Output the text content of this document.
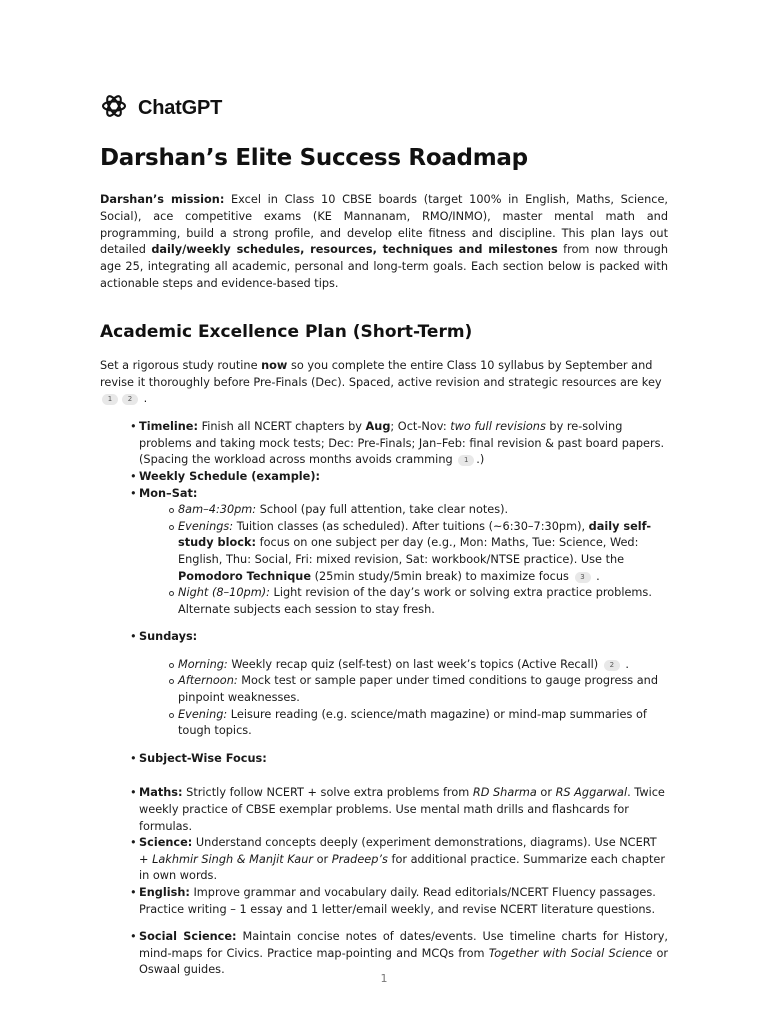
ChatGPT
Darshan’s Elite Success Roadmap

Darshan’s mission: Excel in Class 10 CBSE boards (target 100% in English, Maths, Science, Social), ace competitive exams (KE Mannanam, RMO/INMO), master mental math and programming, build a strong profile, and develop elite fitness and discipline. This plan lays out detailed daily/weekly schedules, resources, techniques and milestones from now through age 25, integrating all academic, personal and long-term goals. Each section below is packed with actionable steps and evidence-based tips.

Academic Excellence Plan (Short-Term)

Set a rigorous study routine now so you complete the entire Class 10 syllabus by September and revise it thoroughly before Pre-Finals (Dec). Spaced, active revision and strategic resources are key 1 2 .

• Timeline: Finish all NCERT chapters by Aug; Oct-Nov: two full revisions by re-solving problems and taking mock tests; Dec: Pre-Finals; Jan–Feb: final revision & past board papers. (Spacing the workload across months avoids cramming 1 .)
• Weekly Schedule (example):
• Mon–Sat:
8am–4:30pm: School (pay full attention, take clear notes).
Evenings: Tuition classes (as scheduled). After tuitions (~6:30–7:30pm), daily self-study block: focus on one subject per day (e.g., Mon: Maths, Tue: Science, Wed: English, Thu: Social, Fri: mixed revision, Sat: workbook/NTSE practice). Use the Pomodoro Technique (25min study/5min break) to maximize focus 3 .
Night (8–10pm): Light revision of the day’s work or solving extra practice problems. Alternate subjects each session to stay fresh.
• Sundays:
Morning: Weekly recap quiz (self-test) on last week’s topics (Active Recall) 2 .
Afternoon: Mock test or sample paper under timed conditions to gauge progress and pinpoint weaknesses.
Evening: Leisure reading (e.g. science/math magazine) or mind-map summaries of tough topics.
• Subject-Wise Focus:
• Maths: Strictly follow NCERT + solve extra problems from RD Sharma or RS Aggarwal. Twice weekly practice of CBSE exemplar problems. Use mental math drills and flashcards for formulas.
• Science: Understand concepts deeply (experiment demonstrations, diagrams). Use NCERT + Lakhmir Singh & Manjit Kaur or Pradeep’s for additional practice. Summarize each chapter in own words.
• English: Improve grammar and vocabulary daily. Read editorials/NCERT Fluency passages. Practice writing – 1 essay and 1 letter/email weekly, and revise NCERT literature questions.
• Social Science: Maintain concise notes of dates/events. Use timeline charts for History, mind-maps for Civics. Practice map-pointing and MCQs from Together with Social Science or Oswaal guides.
1
